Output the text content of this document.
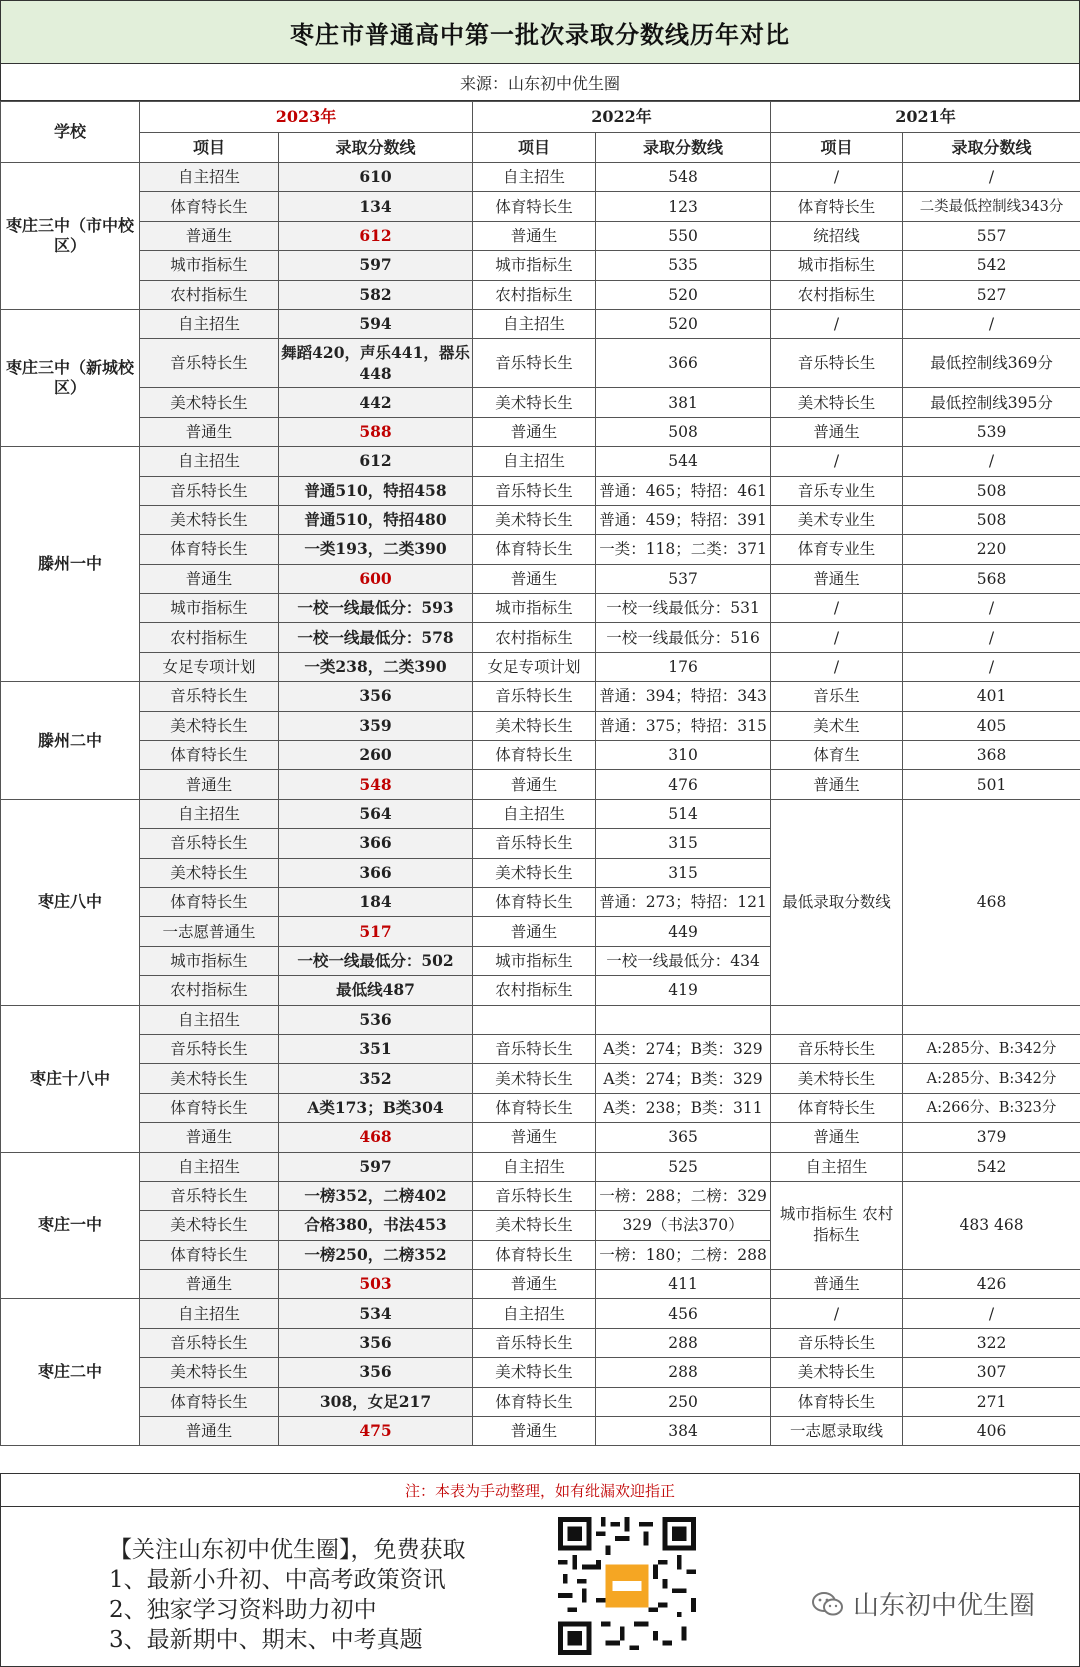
枣庄市普通高中第一批次录取分数线历年对比
来源：山东初中优生圈
学校	2023年		2022年		2021年	
	项目	录取分数线	项目	录取分数线	项目	录取分数线
枣庄三中（市中校区）	自主招生	610	自主招生	548	/	/
	体育特长生	134	体育特长生	123	体育特长生	二类最低控制线343分
	普通生	612	普通生	550	统招线	557
	城市指标生	597	城市指标生	535	城市指标生	542
	农村指标生	582	农村指标生	520	农村指标生	527
枣庄三中（新城校区）	自主招生	594	自主招生	520	/	/
	音乐特长生	舞蹈420，声乐441，器乐448	音乐特长生	366	音乐特长生	最低控制线369分
	美术特长生	442	美术特长生	381	美术特长生	最低控制线395分
	普通生	588	普通生	508	普通生	539
滕州一中	自主招生	612	自主招生	544	/	/
	音乐特长生	普通510，特招458	音乐特长生	普通：465；特招：461	音乐专业生	508
	美术特长生	普通510，特招480	美术特长生	普通：459；特招：391	美术专业生	508
	体育特长生	一类193，二类390	体育特长生	一类：118；二类：371	体育专业生	220
	普通生	600	普通生	537	普通生	568
	城市指标生	一校一线最低分：593	城市指标生	一校一线最低分：531	/	/
	农村指标生	一校一线最低分：578	农村指标生	一校一线最低分：516	/	/
	女足专项计划	一类238，二类390	女足专项计划	176	/	/
滕州二中	音乐特长生	356	音乐特长生	普通：394；特招：343	音乐生	401
	美术特长生	359	美术特长生	普通：375；特招：315	美术生	405
	体育特长生	260	体育特长生	310	体育生	368
	普通生	548	普通生	476	普通生	501
枣庄八中	自主招生	564	自主招生	514	最低录取分数线	468
	音乐特长生	366	音乐特长生	315		
	美术特长生	366	美术特长生	315		
	体育特长生	184	体育特长生	普通：273；特招：121		
	一志愿普通生	517	普通生	449		
	城市指标生	一校一线最低分：502	城市指标生	一校一线最低分：434		
	农村指标生	最低线487	农村指标生	419		
枣庄十八中	自主招生	536				
	音乐特长生	351	音乐特长生	A类：274；B类：329	音乐特长生	A:285分、B:342分
	美术特长生	352	美术特长生	A类：274；B类：329	美术特长生	A:285分、B:342分
	体育特长生	A类173；B类304	体育特长生	A类：238；B类：311	体育特长生	A:266分、B:323分
	普通生	468	普通生	365	普通生	379
枣庄一中	自主招生	597	自主招生	525	自主招生	542
	音乐特长生	一榜352，二榜402	音乐特长生	一榜：288；二榜：329	城市指标生 农村指标生	483 468
	美术特长生	合格380，书法453	美术特长生	329（书法370）		
	体育特长生	一榜250，二榜352	体育特长生	一榜：180；二榜：288		
	普通生	503	普通生	411	普通生	426
枣庄二中	自主招生	534	自主招生	456	/	/
	音乐特长生	356	音乐特长生	288	音乐特长生	322
	美术特长生	356	美术特长生	288	美术特长生	307
	体育特长生	308，女足217	体育特长生	250	体育特长生	271
	普通生	475	普通生	384	一志愿录取线	406
注：本表为手动整理，如有纰漏欢迎指正
【关注山东初中优生圈】，免费获取
1、最新小升初、中高考政策资讯
2、独家学习资料助力初中
3、最新期中、期末、中考真题
山东初中优生圈
